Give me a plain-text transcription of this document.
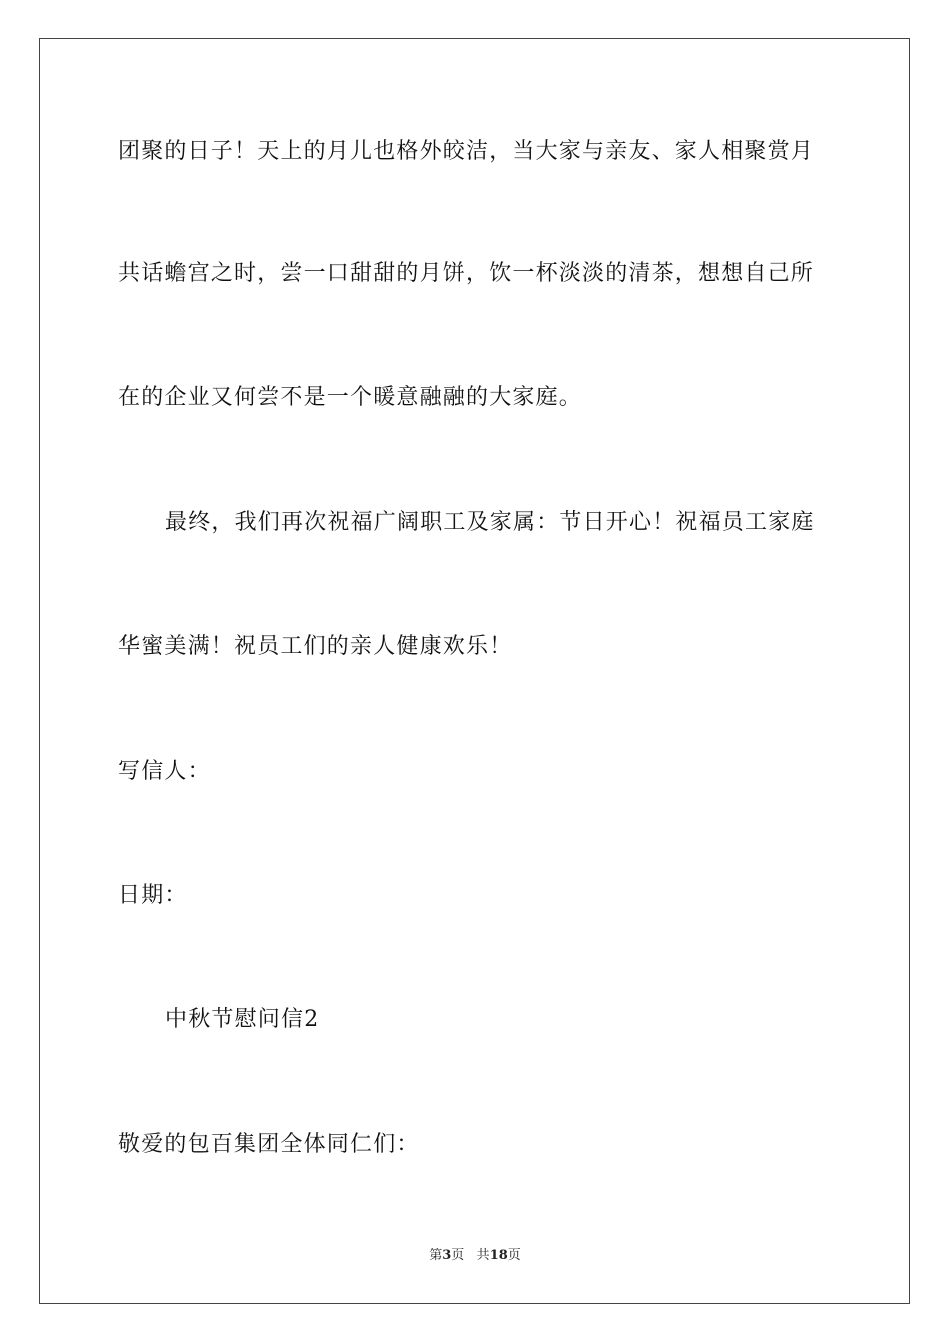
团聚的日子！天上的月儿也格外皎洁，当大家与亲友、家人相聚赏月
共话蟾宫之时，尝一口甜甜的月饼，饮一杯淡淡的清茶，想想自己所
在的企业又何尝不是一个暖意融融的大家庭。
最终，我们再次祝福广阔职工及家属：节日开心！祝福员工家庭
华蜜美满！祝员工们的亲人健康欢乐！
写信人：
日期：
中秋节慰问信2
敬爱的包百集团全体同仁们：
第3页 共18页
